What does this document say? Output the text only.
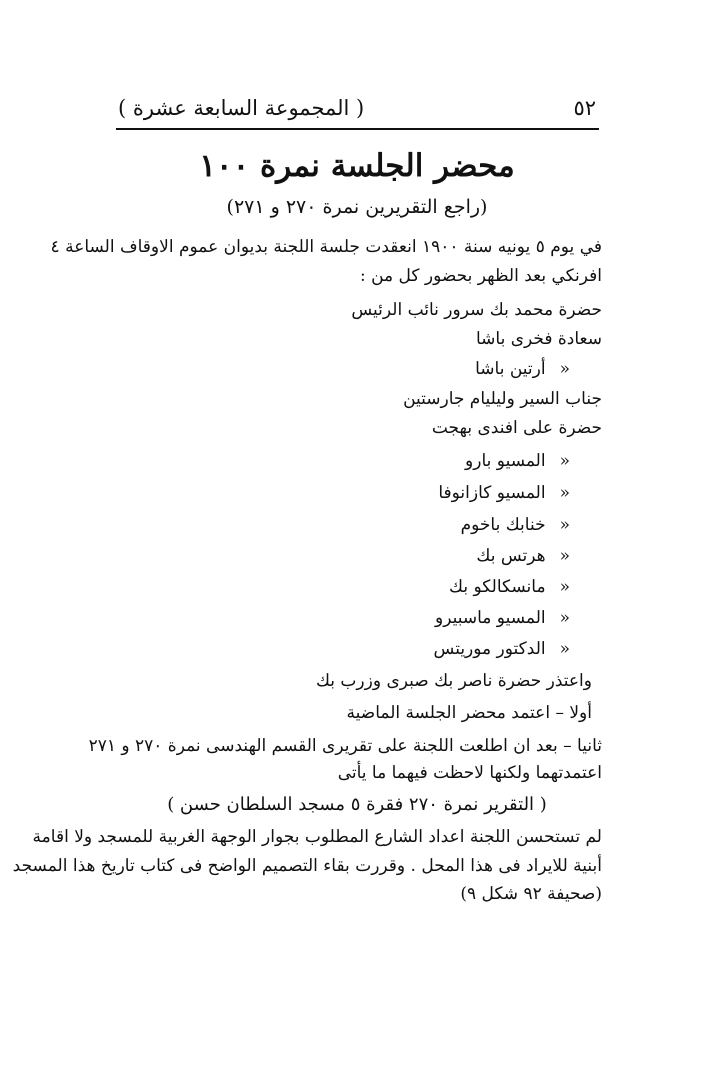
٥٢
( المجموعة السابعة عشرة )
محضر الجلسة نمرة ١٠٠
(راجع التقريرين نمرة ٢٧٠ و ٢٧١)
في يوم ٥ يونيه سنة ١٩٠٠ انعقدت جلسة اللجنة بديوان عموم الاوقاف الساعة ٤
افرنكي بعد الظهر بحضور كل من :
حضرة محمد بك سرور نائب الرئيس
سعادة فخرى باشا
«أرتين باشا
جناب السير وليليام جارستين
حضرة على افندى بهجت
«المسيو بارو
«المسيو كازانوفا
«خنابك باخوم
«هرتس بك
«مانسكالكو بك
«المسيو ماسبيرو
«الدكتور موريتس
واعتذر حضرة ناصر بك صبرى وزرب بك
أولا – اعتمد محضر الجلسة الماضية
ثانيا – بعد ان اطلعت اللجنة على تقريرى القسم الهندسى نمرة ٢٧٠ و ٢٧١
اعتمدتهما ولكنها لاحظت فيهما ما يأتى
( التقرير نمرة ٢٧٠ فقرة ٥ مسجد السلطان حسن )
لم تستحسن اللجنة اعداد الشارع المطلوب بجوار الوجهة الغربية للمسجد ولا اقامة
أبنية للايراد فى هذا المحل . وقررت بقاء التصميم الواضح فى كتاب تاريخ هذا المسجد
(صحيفة ٩٢ شكل ٩)
